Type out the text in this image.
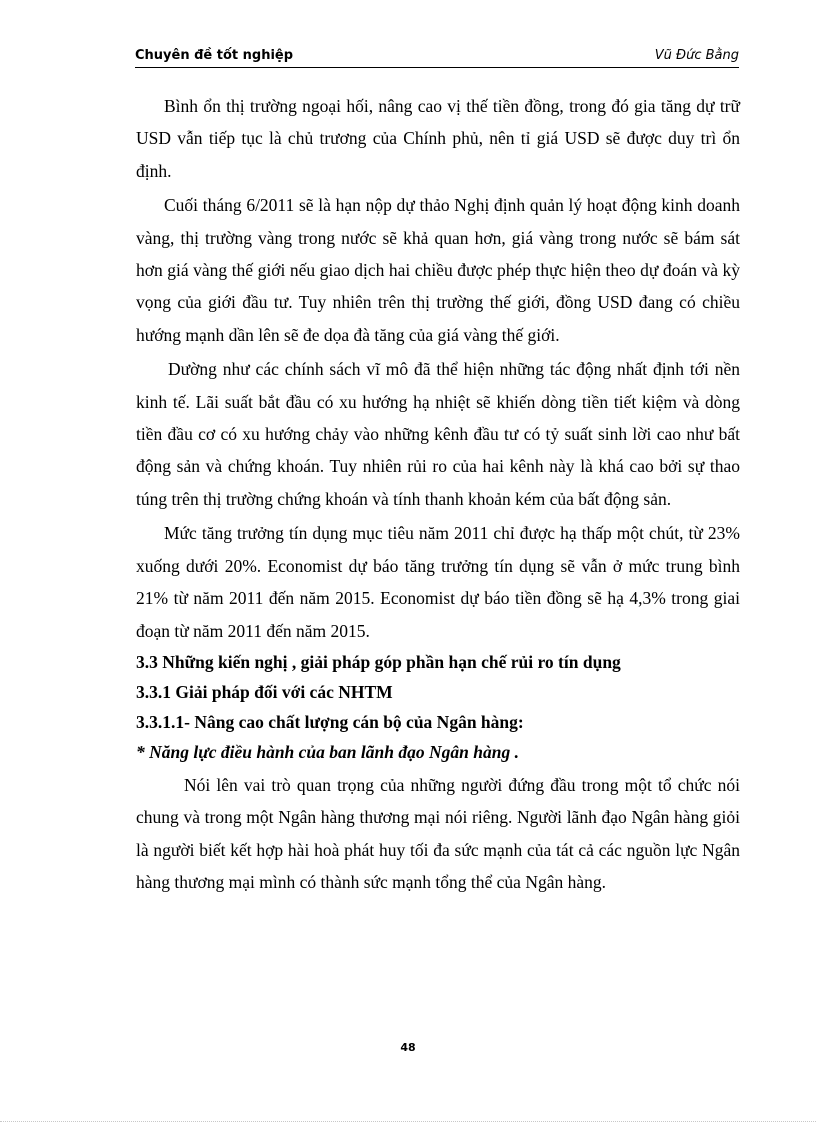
Chuyên đề tốt nghiệp	Vũ Đức Bằng

Bình ổn thị trường ngoại hối, nâng cao vị thế tiền đồng, trong đó gia tăng dự trữ USD vẫn tiếp tục là chủ trương của Chính phủ, nên tỉ giá USD sẽ được duy trì ổn định.

Cuối tháng 6/2011 sẽ là hạn nộp dự thảo Nghị định quản lý hoạt động kinh doanh vàng, thị trường vàng trong nước sẽ khả quan hơn, giá vàng trong nước sẽ bám sát hơn giá vàng thế giới nếu giao dịch hai chiều được phép thực hiện theo dự đoán và kỳ vọng của giới đầu tư. Tuy nhiên trên thị trường thế giới, đồng USD đang có chiều hướng mạnh dần lên sẽ đe dọa đà tăng của giá vàng thế giới.

Dường như các chính sách vĩ mô đã thể hiện những tác động nhất định tới nền kinh tế. Lãi suất bắt đầu có xu hướng hạ nhiệt sẽ khiến dòng tiền tiết kiệm và dòng tiền đầu cơ có xu hướng chảy vào những kênh đầu tư có tỷ suất sinh lời cao như bất động sản và chứng khoán. Tuy nhiên rủi ro của hai kênh này là khá cao bởi sự thao túng trên thị trường chứng khoán và tính thanh khoản kém của bất động sản.

Mức tăng trưởng tín dụng mục tiêu năm 2011 chỉ được hạ thấp một chút, từ 23% xuống dưới 20%. Economist dự báo tăng trưởng tín dụng sẽ vẫn ở mức trung bình 21% từ năm 2011 đến năm 2015. Economist dự báo tiền đồng sẽ hạ 4,3% trong giai đoạn từ năm 2011 đến năm 2015.

3.3 Những kiến nghị , giải pháp góp phần hạn chế rủi ro tín dụng

3.3.1 Giải pháp đối với các NHTM

3.3.1.1- Nâng cao chất lượng cán bộ của Ngân hàng:

* Năng lực điều hành của ban lãnh đạo Ngân hàng .

Nói lên vai trò quan trọng của những người đứng đầu trong một tổ chức nói chung và trong một Ngân hàng thương mại nói riêng. Người lãnh đạo Ngân hàng giỏi là người biết kết hợp hài hoà phát huy tối đa sức mạnh của tát cả các nguồn lực Ngân hàng thương mại mình có thành sức mạnh tổng thể của Ngân hàng.

48
